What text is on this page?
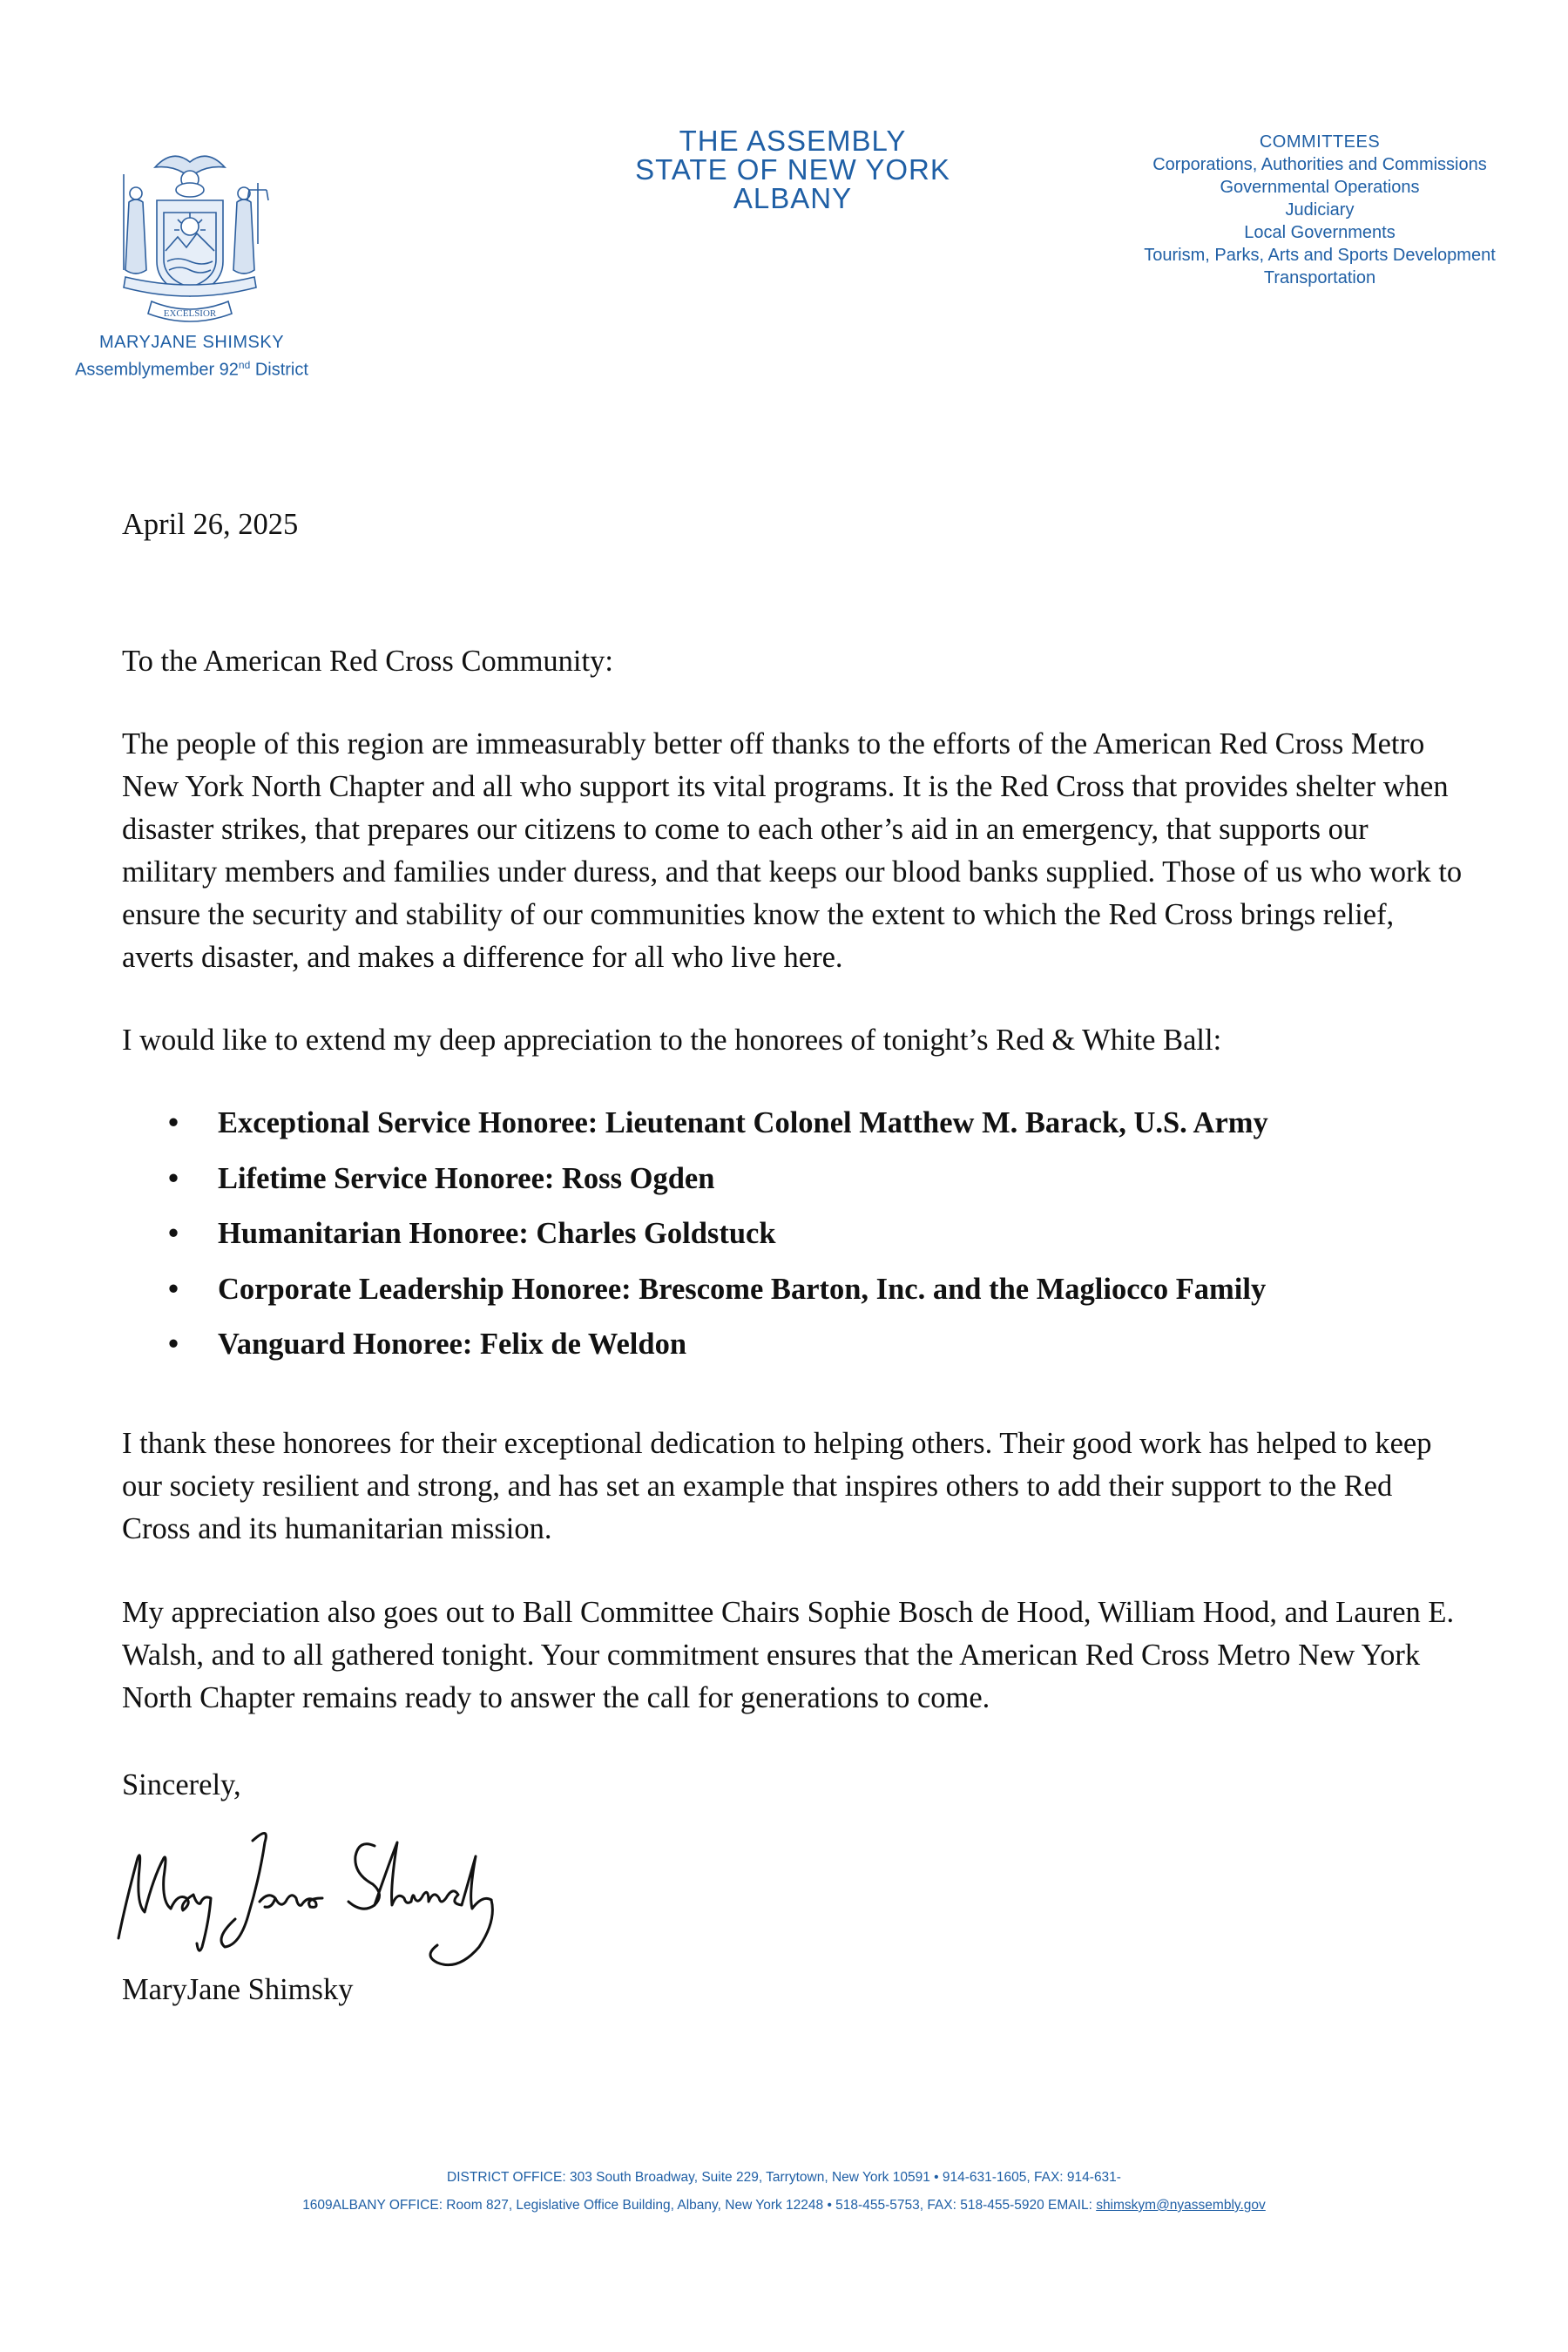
EXCELSIOR
MARYJANE SHIMSKY
Assemblymember 92nd District
THE ASSEMBLY
STATE OF NEW YORK
ALBANY
COMMITTEES
Corporations, Authorities and Commissions
Governmental Operations
Judiciary
Local Governments
Tourism, Parks, Arts and Sports Development
Transportation
April 26, 2025
To the American Red Cross Community:
The people of this region are immeasurably better off thanks to the efforts of the American Red Cross Metro New York North Chapter and all who support its vital programs. It is the Red Cross that provides shelter when disaster strikes, that prepares our citizens to come to each other’s aid in an emergency, that supports our military members and families under duress, and that keeps our blood banks supplied. Those of us who work to ensure the security and stability of our communities know the extent to which the Red Cross brings relief, averts disaster, and makes a difference for all who live here.
I would like to extend my deep appreciation to the honorees of tonight’s Red & White Ball:
• Exceptional Service Honoree: Lieutenant Colonel Matthew M. Barack, U.S. Army
• Lifetime Service Honoree: Ross Ogden
• Humanitarian Honoree: Charles Goldstuck
• Corporate Leadership Honoree: Brescome Barton, Inc. and the Magliocco Family
• Vanguard Honoree: Felix de Weldon
I thank these honorees for their exceptional dedication to helping others. Their good work has helped to keep our society resilient and strong, and has set an example that inspires others to add their support to the Red Cross and its humanitarian mission.
My appreciation also goes out to Ball Committee Chairs Sophie Bosch de Hood, William Hood, and Lauren E. Walsh, and to all gathered tonight. Your commitment ensures that the American Red Cross Metro New York North Chapter remains ready to answer the call for generations to come.
Sincerely,
MaryJane Shimsky
DISTRICT OFFICE: 303 South Broadway, Suite 229, Tarrytown, New York 10591 • 914-631-1605, FAX: 914-631-
1609ALBANY OFFICE: Room 827, Legislative Office Building, Albany, New York 12248 • 518-455-5753, FAX: 518-455-5920 EMAIL: shimskym@nyassembly.gov
